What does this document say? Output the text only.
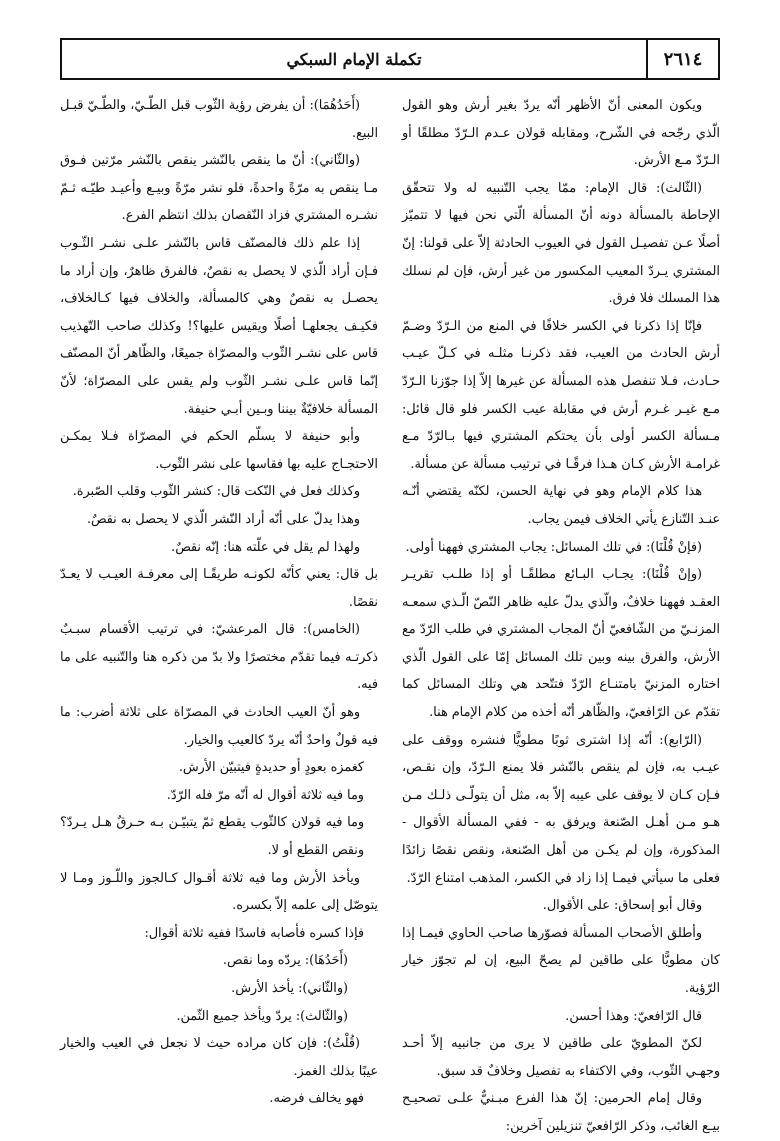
٢٦١٤
تكملة الإمام السبكي

ويكون المعنى أنّ الأظهر أنّه يردّ بغير أرش وهو القول الّذي رجّحه في الشّرح، ومقابله قولان عـدم الـرّدّ مطلقًا أو الـرّدّ مـع الأرش.

(الثّالث): قال الإمام: ممّا يجب التّنبيه له ولا تتحقّق الإحاطة بالمسألة دونه أنّ المسألة الّتي نحن فيها لا تتميّز أصلًا عـن تفصيـل القول في العيوب الحادثة إلاّ على قولنا: إنّ المشتري يـردّ المعيب المكسور من غير أرش، فإن لم نسلك هذا المسلك فلا فرق.

فإنّا إذا ذكرنا في الكسر خلافًا في المنع من الـرّدّ وضـمّ أرش الحادث من العيب، فقد ذكرنـا مثلـه في كـلّ عيـب حـادث، فـلا تنفصل هذه المسألة عن غيرها إلاّ إذا جوّزنا الـرّدّ مـع غيـر غـرم أرش في مقابلة عيب الكسر فلو قال قائل: مـسألة الكسر أولى بأن يحتكم المشتري فيها بـالرّدّ مـع غرامـة الأرش كـان هـذا فرقًـا في ترتيب مسألة عن مسألة.

هذا كلام الإمام وهو في نهاية الحسن، لكنّه يقتضي أنّـه عنـد التّنازع يأتي الخلاف فيمن يجاب.

(فإنْ قُلْنَا): في تلك المسائل: يجاب المشتري فههنا أولى.

(وإنْ قُلْنَا): يجـاب البـائع مطلقًـا أو إذا طلـب تقريـر العقـد فههنا خلافٌ، والّذي يدلّ عليه ظاهر النّصّ الّـذي سمعـه المزنـيّ من الشّافعيّ أنّ المجاب المشتري في طلب الرّدّ مع الأرش، والفرق بينه وبين تلك المسائل إمّا على القول الّذي اختاره المزنيّ بامتنـاع الرّدّ فتتّحد هي وتلك المسائل كما تقدّم عن الرّافعيّ، والظّاهر أنّه أخذه من كلام الإمام هنا.

(الرّابع): أنّه إذا اشترى ثوبًا مطويًّا فنشره ووقف على عيـب به، فإن لم ينقص بالنّشر فلا يمنع الـرّدّ، وإن نقـص، فـإن كـان لا يوقف على عيبه إلاّ به، مثل أن يتولّـى ذلـك مـن هـو مـن أهـل الصّنعة ويرفق به - ففي المسألة الأقوال - المذكورة، وإن لم يكـن من أهل الصّنعة، ونقص نقصًا زائدًا فعلى ما سيأتي فيمـا إذا زاد في الكسر، المذهب امتناع الرّدّ.

وقال أبو إسحاق: على الأقوال.

وأطلق الأصحاب المسألة فصوّرها صاحب الحاوي فيمـا إذا كان مطويًّا على طاقين لم يصحّ البيع، إن لم تجوّز خيار الرّؤية.

قال الرّافعيّ: وهذا أحسن.

لكنّ المطويّ على طاقين لا يرى من جانبيه إلاّ أحـد وجهـي الثّوب، وفي الاكتفاء به تفصيل وخلافٌ قد سبق.

وقال إمام الحرمين: إنّ هذا الفرع مبـنيٌّ علـى تصحيـح بيـع الغائب، وذكر الرّافعيّ تنزيلين آخرين:

(أَحَدُهُمَا): أن يفرض رؤية الثّوب قبل الطّـيّ، والطّـيّ قبـل البيع.

(والثّاني): أنّ ما ينقص بالنّشر ينقص بالنّشر مرّتين فـوق مـا ينقص به مرّةً واحدةً، فلو نشر مرّةً وبيـع وأعيـد طيّـه ثـمّ نشـره المشتري فزاد النّقصان بذلك انتظم الفرع.

إذا علم ذلك فالمصنّف قاس بالنّشر علـى نشـر الثّـوب فـإن أراد الّذي لا يحصل به نقصٌ، فالفرق ظاهرٌ، وإن أراد ما يحصـل به نقصٌ وهي كالمسألة، والخلاف فيها كـالخلاف، فكيـف يجعلهـا أصلًا ويقيس عليها؟! وكذلك صاحب التّهذيب قاس على نشـر الثّوب والمصرّاة جميعًا، والظّاهر أنّ المصنّف إنّما قاس علـى نشـر الثّوب ولم يقس على المصرّاة؛ لأنّ المسألة خلافيّةٌ بيننا وبـين أبـي حنيفة.

وأبو حنيفة لا يسلّم الحكم في المصرّاة فـلا يمكـن الاحتجـاج عليه بها فقاسها على نشر الثّوب.

وكذلك فعل في النّكت قال: كنشر الثّوب وقلب الصّبرة.

وهذا يدلّ على أنّه أراد النّشر الّذي لا يحصل به نقصٌ.

ولهذا لم يقل في علّته هنا: إنّه نقصٌ.

بل قال: يعني كأنّه لكونـه طريقًـا إلى معرفـة العيـب لا يعـدّ نقصًا.

(الخامس): قال المرعشيّ: في ترتيب الأقسام سبـبٌ ذكرتـه فيما تقدّم مختصرًا ولا بدّ من ذكره هنا والتّنبيه على ما فيه.

وهو أنّ العيب الحادث في المصرّاة على ثلاثة أضرب: ما فيه قولٌ واحدٌ أنّه يردّ كالعيب والخيار.

كغمزه بعودٍ أو حديدةٍ فيتبيّن الأرش.

وما فيه ثلاثة أقوال له أنّه مرّ فله الرّدّ.

وما فيه قولان كالثّوب يقطع ثمّ يتبيّـن بـه حـرقٌ هـل يـردّ؟ ونقص القطع أو لا.

ويأخذ الأرش وما فيه ثلاثة أقـوال كـالجوز واللّـوز ومـا لا يتوصّل إلى علمه إلاّ بكسره.

فإذا كسره فأصابه فاسدًا ففيه ثلاثة أقوال:

(أَحَدُهَا): يردّه وما نقص.

(والثّاني): يأخذ الأرش.

(والثّالث): يردّ ويأخذ جميع الثّمن.

(قُلْتُ): فإن كان مراده حيث لا نجعل في العيب والخيار عيبًا بذلك الغمز.

فهو يخالف فرضه.
